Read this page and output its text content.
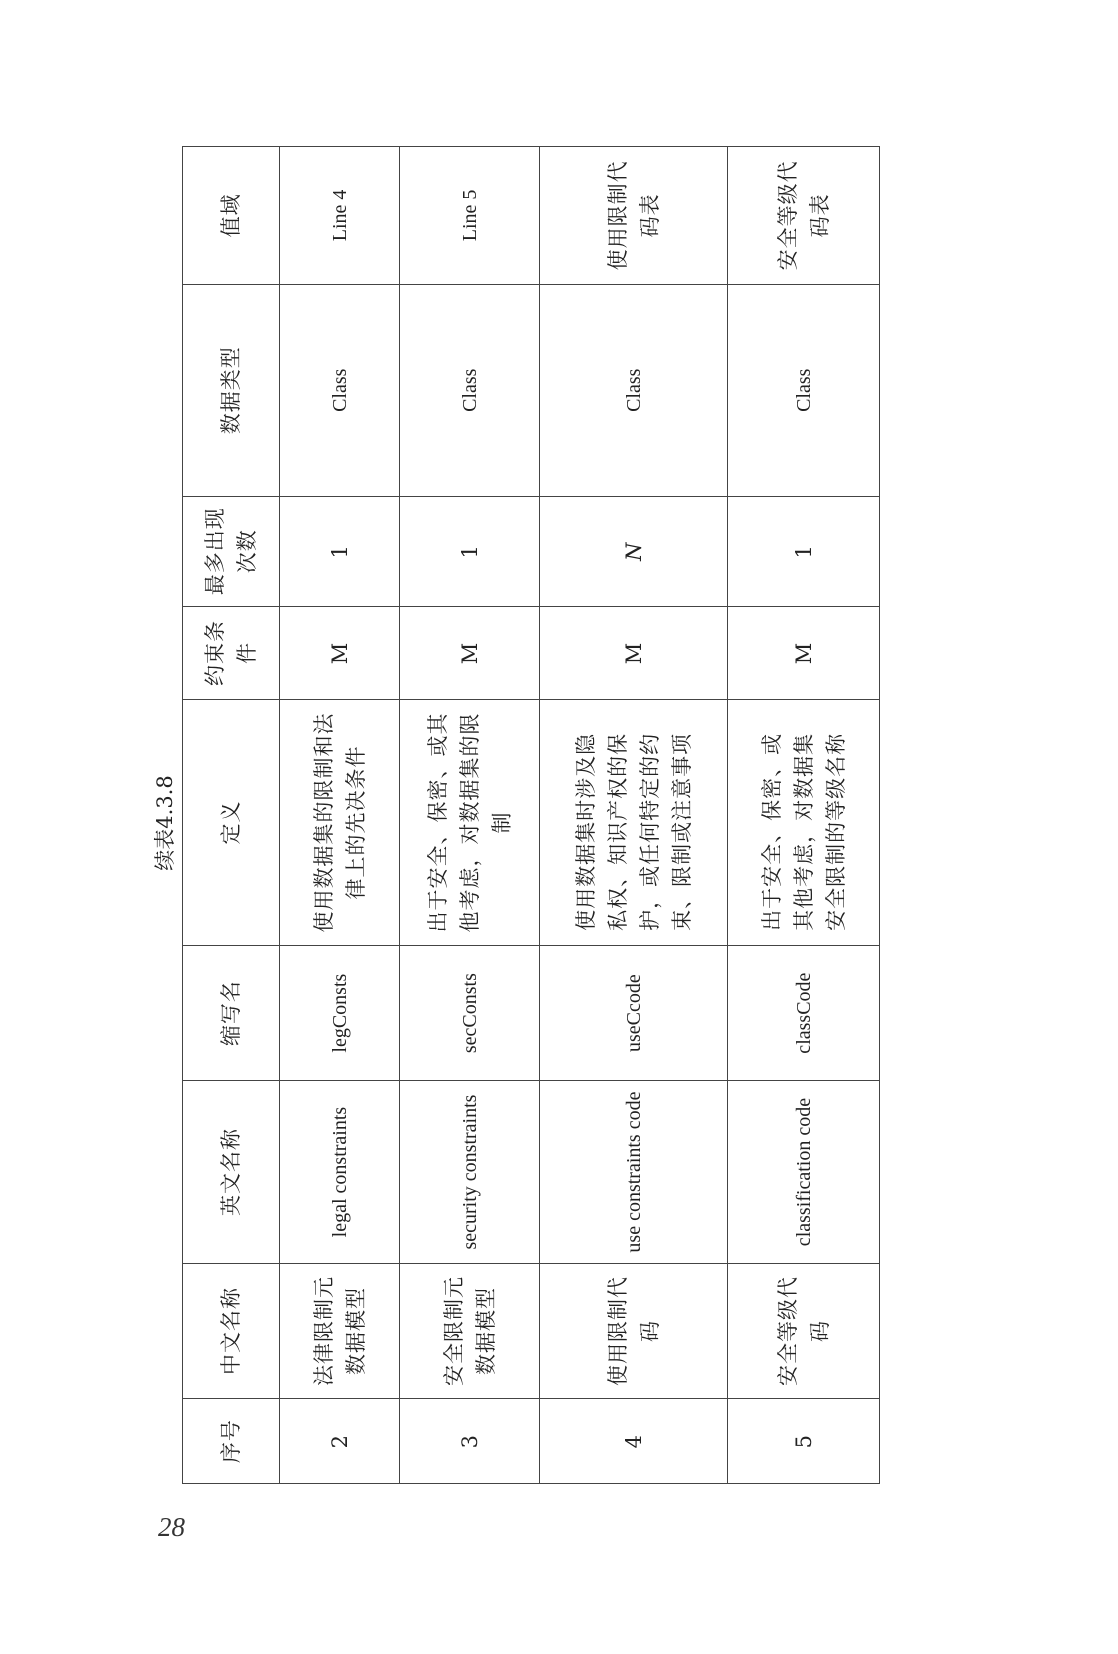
28
续表4.3.8
序号	中文名称	英文名称	缩写名	定义	约束条件	最多出现次数	数据类型	值域
2	法律限制元数据模型	legal constraints	legConsts	使用数据集的限制和法律上的先决条件	M	1	Class	Line 4
3	安全限制元数据模型	security constraints	secConsts	出于安全、保密、或其他考虑，对数据集的限制	M	1	Class	Line 5
4	使用限制代码	use constraints code	useCcode	使用数据集时涉及隐私权、知识产权的保护，或任何特定的约束、限制或注意事项	M	N	Class	使用限制代码表
5	安全等级代码	classification code	classCode	出于安全、保密、或其他考虑，对数据集安全限制的等级名称	M	1	Class	安全等级代码表
